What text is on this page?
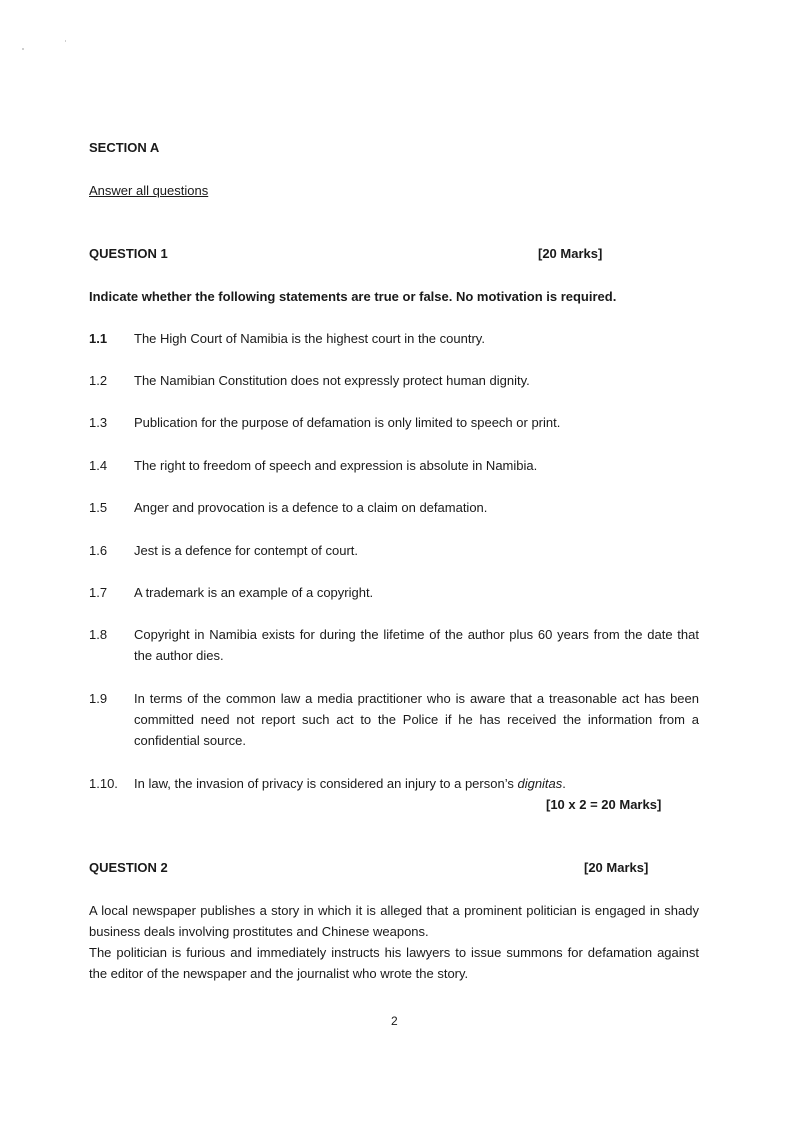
SECTION A
Answer all questions
QUESTION 1	[20 Marks]
Indicate whether the following statements are true or false. No motivation is required.
1.1 The High Court of Namibia is the highest court in the country.
1.2 The Namibian Constitution does not expressly protect human dignity.
1.3 Publication for the purpose of defamation is only limited to speech or print.
1.4 The right to freedom of speech and expression is absolute in Namibia.
1.5 Anger and provocation is a defence to a claim on defamation.
1.6 Jest is a defence for contempt of court.
1.7 A trademark is an example of a copyright.
1.8 Copyright in Namibia exists for during the lifetime of the author plus 60 years from the date that the author dies.
1.9 In terms of the common law a media practitioner who is aware that a treasonable act has been committed need not report such act to the Police if he has received the information from a confidential source.
1.10. In law, the invasion of privacy is considered an injury to a person’s dignitas.
[10 x 2 = 20 Marks]
QUESTION 2	[20 Marks]
A local newspaper publishes a story in which it is alleged that a prominent politician is engaged in shady business deals involving prostitutes and Chinese weapons.
The politician is furious and immediately instructs his lawyers to issue summons for defamation against the editor of the newspaper and the journalist who wrote the story.
2
